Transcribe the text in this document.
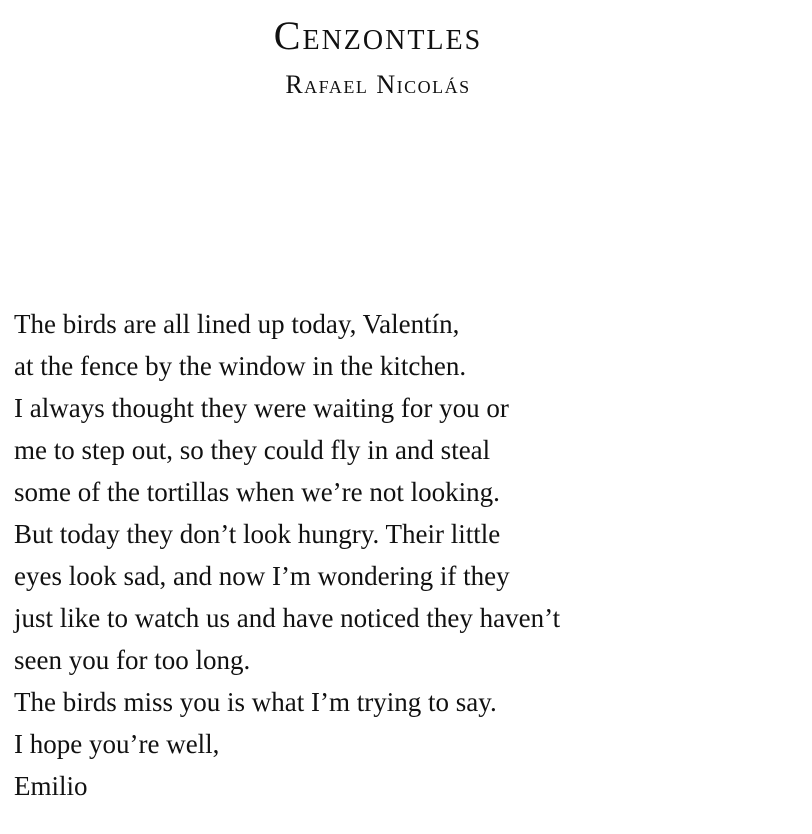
Cenzontles
Rafael Nicolás
The birds are all lined up today, Valentín,
at the fence by the window in the kitchen.
I always thought they were waiting for you or
me to step out, so they could fly in and steal
some of the tortillas when we’re not looking.
But today they don’t look hungry. Their little
eyes look sad, and now I’m wondering if they
just like to watch us and have noticed they haven’t
seen you for too long.
The birds miss you is what I’m trying to say.
I hope you’re well,
Emilio
